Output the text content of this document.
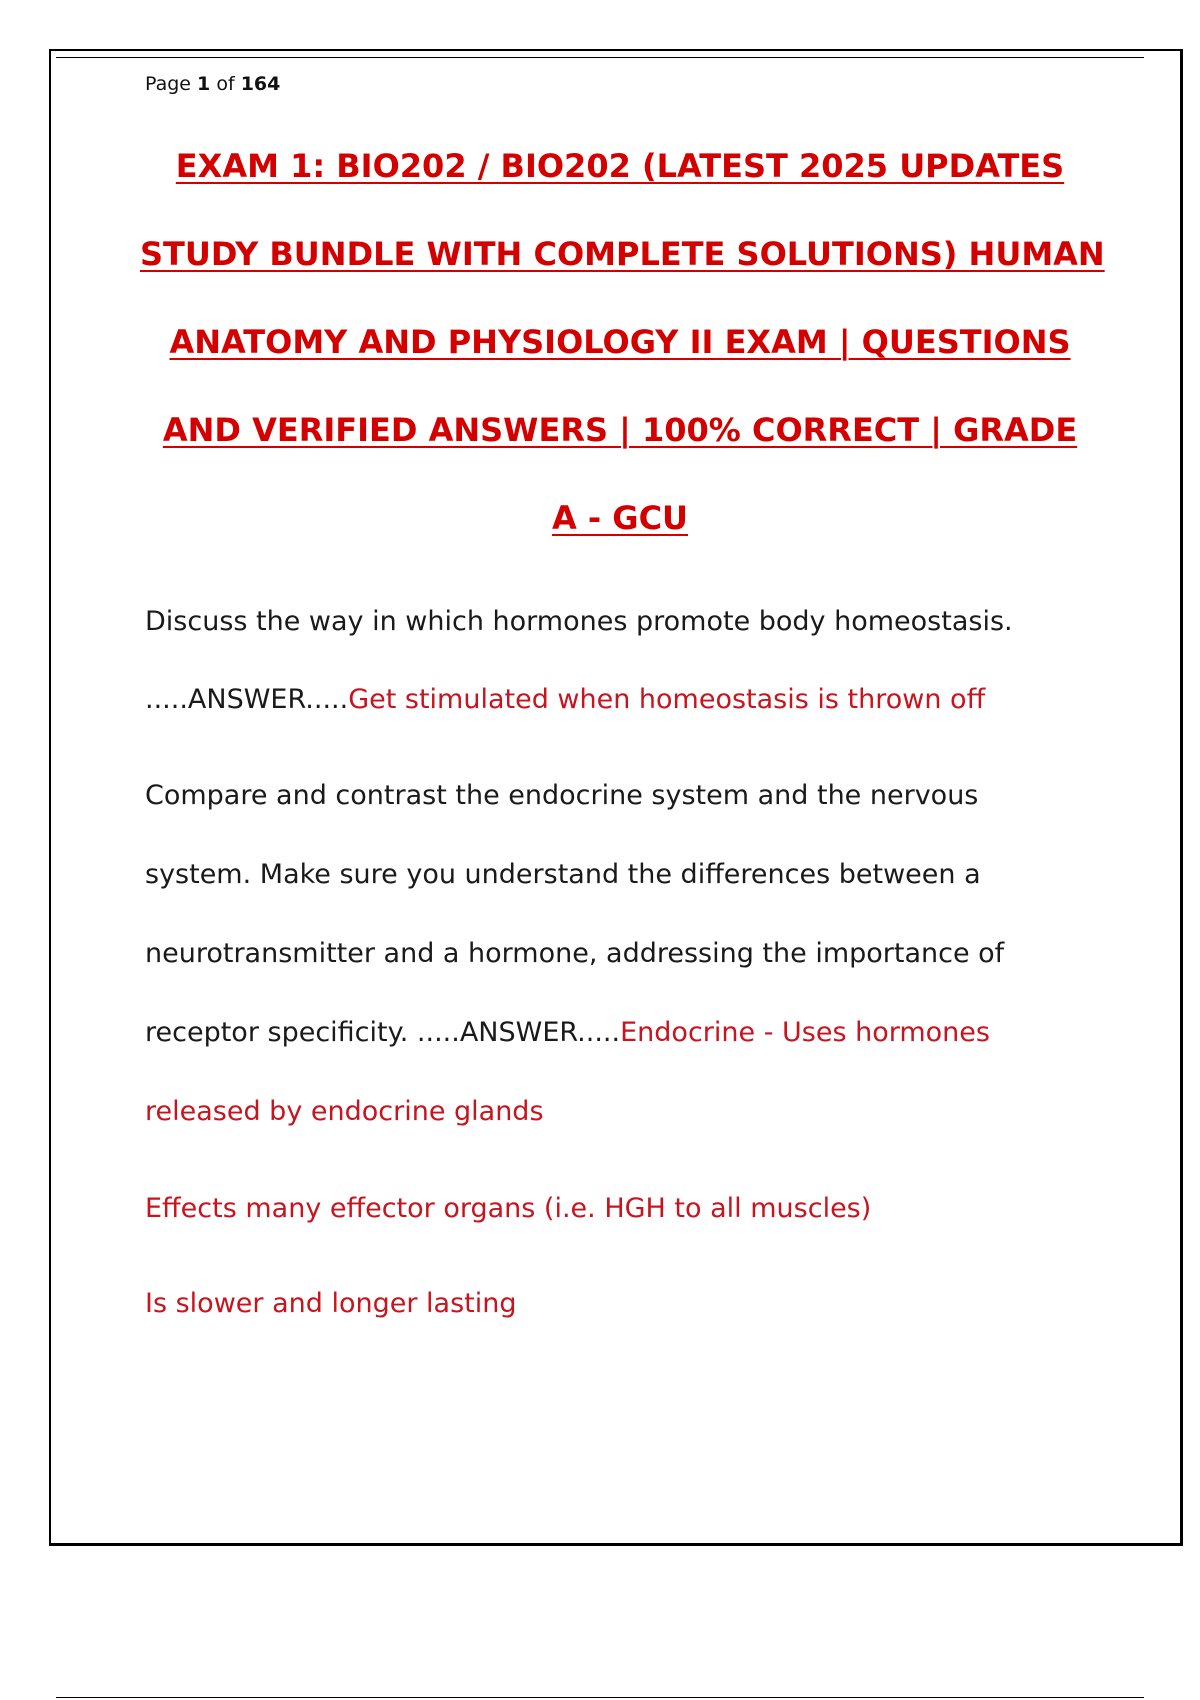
Page 1 of 164
EXAM 1: BIO202 / BIO202 (LATEST 2025 UPDATES
STUDY BUNDLE WITH COMPLETE SOLUTIONS) HUMAN
ANATOMY AND PHYSIOLOGY II EXAM | QUESTIONS
AND VERIFIED ANSWERS | 100% CORRECT | GRADE
A - GCU
Discuss the way in which hormones promote body homeostasis.
.....ANSWER.....Get stimulated when homeostasis is thrown off
Compare and contrast the endocrine system and the nervous
system. Make sure you understand the differences between a
neurotransmitter and a hormone, addressing the importance of
receptor specificity. .....ANSWER.....Endocrine - Uses hormones
released by endocrine glands
Effects many effector organs (i.e. HGH to all muscles)
Is slower and longer lasting
